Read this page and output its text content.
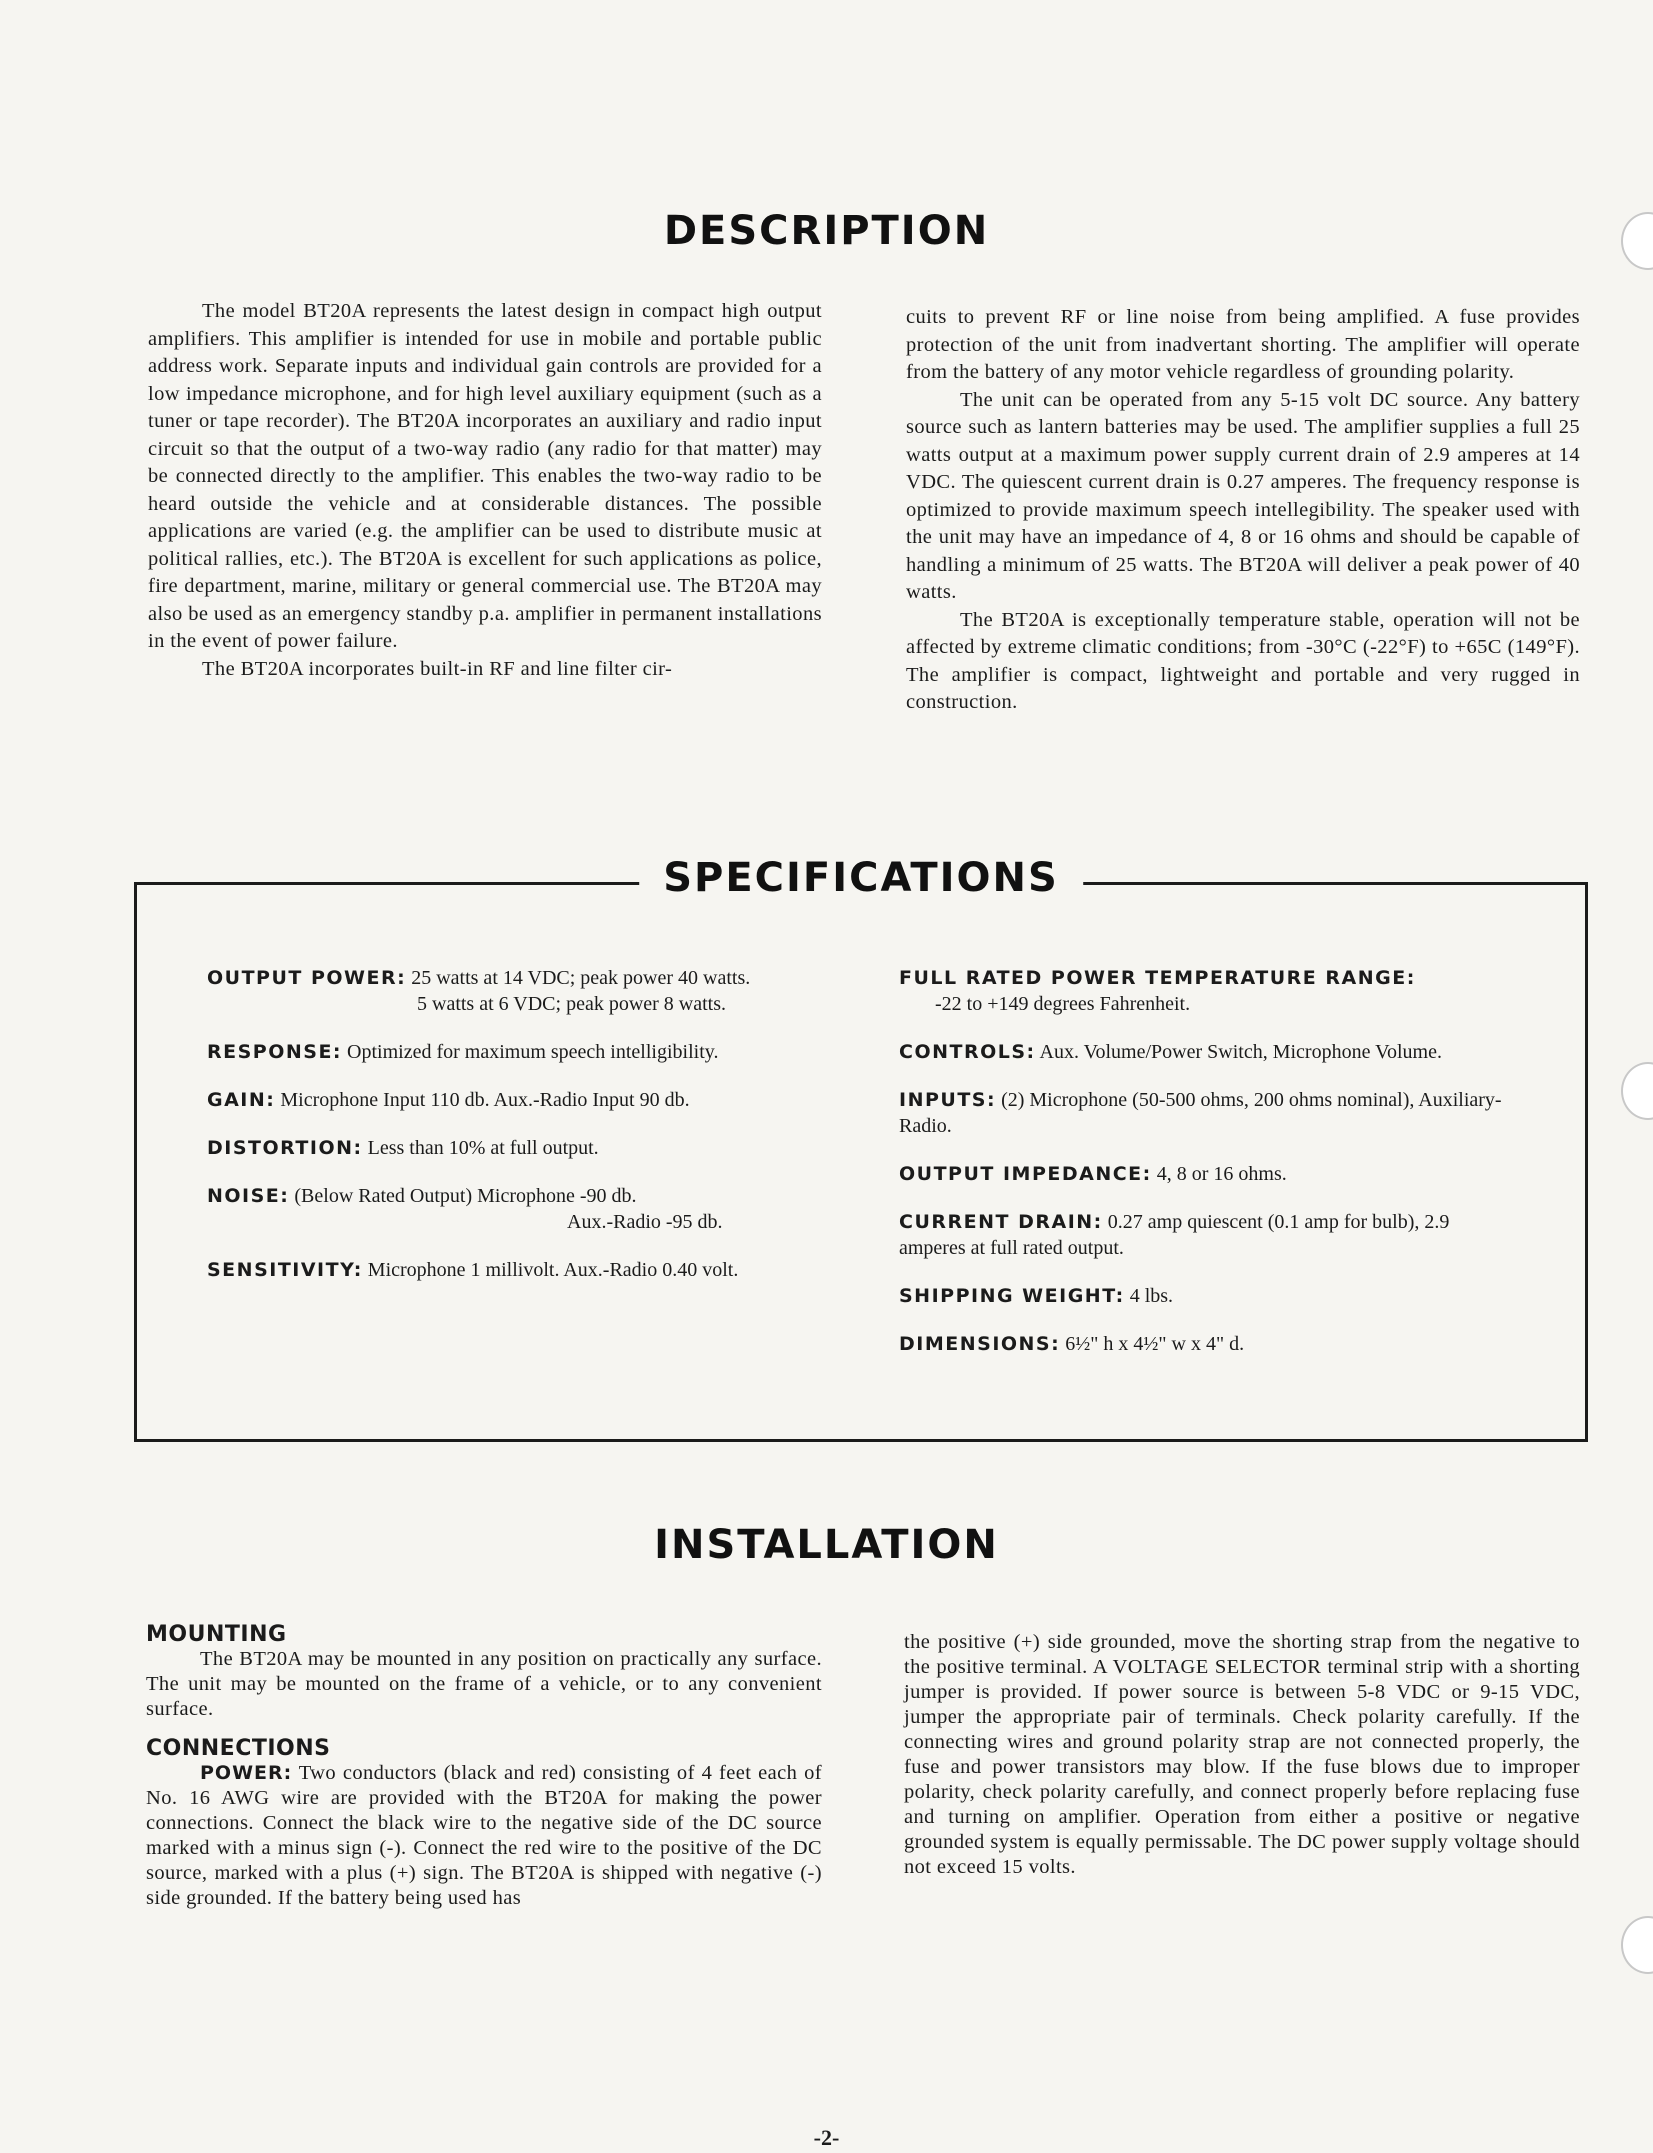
DESCRIPTION

The model BT20A represents the latest design in compact high output amplifiers. This amplifier is intended for use in mobile and portable public address work. Separate inputs and individual gain controls are provided for a low impedance microphone, and for high level auxiliary equipment (such as a tuner or tape recorder). The BT20A incorporates an auxiliary and radio input circuit so that the output of a two-way radio (any radio for that matter) may be connected directly to the amplifier. This enables the two-way radio to be heard outside the vehicle and at considerable distances. The possible applications are varied (e.g. the amplifier can be used to distribute music at political rallies, etc.). The BT20A is excellent for such applications as police, fire department, marine, military or general commercial use. The BT20A may also be used as an emergency standby p.a. amplifier in permanent installations in the event of power failure.

The BT20A incorporates built-in RF and line filter cir-

cuits to prevent RF or line noise from being amplified. A fuse provides protection of the unit from inadvertant shorting. The amplifier will operate from the battery of any motor vehicle regardless of grounding polarity.

The unit can be operated from any 5-15 volt DC source. Any battery source such as lantern batteries may be used. The amplifier supplies a full 25 watts output at a maximum power supply current drain of 2.9 amperes at 14 VDC. The quiescent current drain is 0.27 amperes. The frequency response is optimized to provide maximum speech intellegibility. The speaker used with the unit may have an impedance of 4, 8 or 16 ohms and should be capable of handling a minimum of 25 watts. The BT20A will deliver a peak power of 40 watts.

The BT20A is exceptionally temperature stable, operation will not be affected by extreme climatic conditions; from -30°C (-22°F) to +65C (149°F). The amplifier is compact, lightweight and portable and very rugged in construction.

SPECIFICATIONS
OUTPUT POWER: 25 watts at 14 VDC; peak power 40 watts.
5 watts at 6 VDC; peak power 8 watts.
RESPONSE: Optimized for maximum speech intelligibility.
GAIN: Microphone Input 110 db. Aux.-Radio Input 90 db.
DISTORTION: Less than 10% at full output.
NOISE: (Below Rated Output) Microphone -90 db.
Aux.-Radio -95 db.
SENSITIVITY: Microphone 1 millivolt. Aux.-Radio 0.40 volt.
FULL RATED POWER TEMPERATURE RANGE:
-22 to +149 degrees Fahrenheit.
CONTROLS: Aux. Volume/Power Switch, Microphone Volume.
INPUTS: (2) Microphone (50-500 ohms, 200 ohms nominal), Auxiliary-Radio.
OUTPUT IMPEDANCE: 4, 8 or 16 ohms.
CURRENT DRAIN: 0.27 amp quiescent (0.1 amp for bulb), 2.9 amperes at full rated output.
SHIPPING WEIGHT: 4 lbs.
DIMENSIONS: 6½" h x 4½" w x 4" d.
INSTALLATION

MOUNTING

The BT20A may be mounted in any position on practically any surface. The unit may be mounted on the frame of a vehicle, or to any convenient surface.

CONNECTIONS

POWER: Two conductors (black and red) consisting of 4 feet each of No. 16 AWG wire are provided with the BT20A for making the power connections. Connect the black wire to the negative side of the DC source marked with a minus sign (-). Connect the red wire to the positive of the DC source, marked with a plus (+) sign. The BT20A is shipped with negative (-) side grounded. If the battery being used has

the positive (+) side grounded, move the shorting strap from the negative to the positive terminal. A VOLTAGE SELECTOR terminal strip with a shorting jumper is provided. If power source is between 5-8 VDC or 9-15 VDC, jumper the appropriate pair of terminals. Check polarity carefully. If the connecting wires and ground polarity strap are not connected properly, the fuse and power transistors may blow. If the fuse blows due to improper polarity, check polarity carefully, and connect properly before replacing fuse and turning on amplifier. Operation from either a positive or negative grounded system is equally permissable. The DC power supply voltage should not exceed 15 volts.

-2-
